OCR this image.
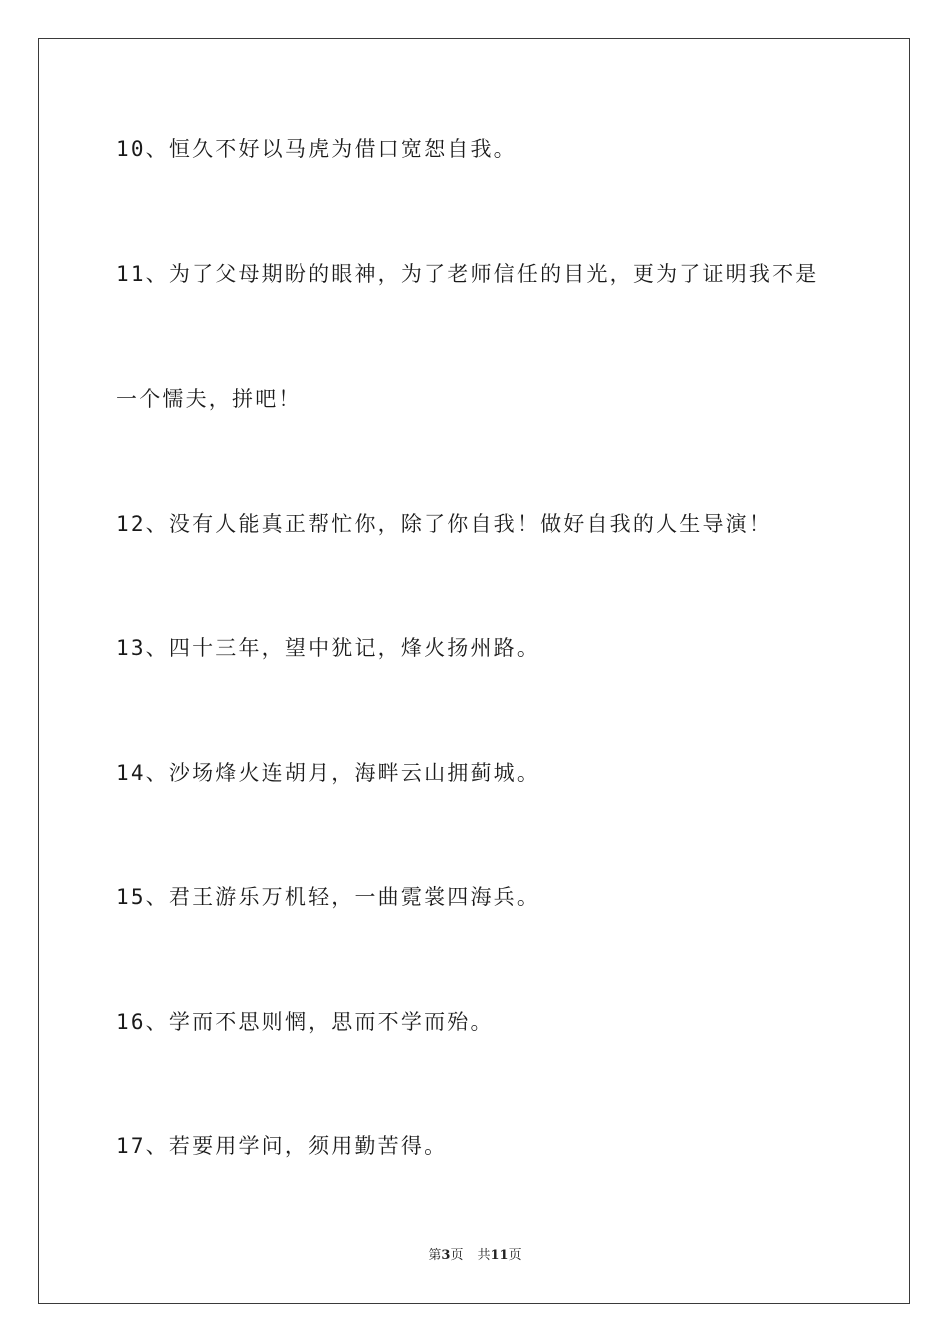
10、恒久不好以马虎为借口宽恕自我。
11、为了父母期盼的眼神，为了老师信任的目光，更为了证明我不是
一个懦夫，拼吧！
12、没有人能真正帮忙你，除了你自我！做好自我的人生导演！
13、四十三年，望中犹记，烽火扬州路。
14、沙场烽火连胡月，海畔云山拥蓟城。
15、君王游乐万机轻，一曲霓裳四海兵。
16、学而不思则惘，思而不学而殆。
17、若要用学问，须用勤苦得。
第3页 共11页
